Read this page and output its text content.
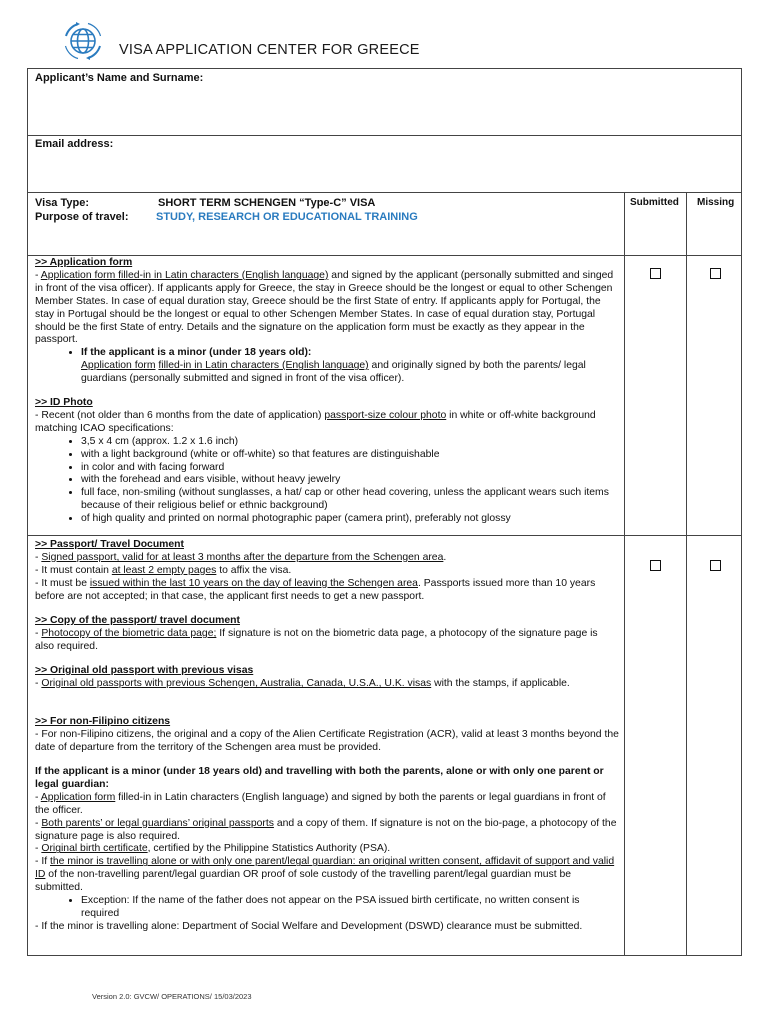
VISA APPLICATION CENTER FOR GREECE
Applicant’s Name and Surname:
Email address:
Visa Type:	SHORT TERM SCHENGEN “Type-C” VISA
Purpose of travel: STUDY, RESEARCH OR EDUCATIONAL TRAINING
Submitted Missing

>> Application form

- Application form filled-in in Latin characters (English language) and signed by the applicant (personally submitted and singed in front of the visa officer). If applicants apply for Greece, the stay in Greece should be the longest or equal to other Schengen Member States. In case of equal duration stay, Greece should be the first State of entry. If applicants apply for Portugal, the stay in Portugal should be the longest or equal to other Schengen Member States. In case of equal duration stay, Portugal should be the first State of entry. Details and the signature on the application form must be exactly as they appear in the passport.

• If the applicant is a minor (under 18 years old):

Application form filled-in in Latin characters (English language) and originally signed by both the parents/ legal guardians (personally submitted and signed in front of the visa officer).

>> ID Photo

- Recent (not older than 6 months from the date of application) passport-size colour photo in white or off-white background matching ICAO specifications:

• 3,5 x 4 cm (approx. 1.2 x 1.6 inch)
• with a light background (white or off-white) so that features are distinguishable
• in color and with facing forward
• with the forehead and ears visible, without heavy jewelry
• full face, non-smiling (without sunglasses, a hat/ cap or other head covering, unless the applicant wears such items because of their religious belief or ethnic background)
• of high quality and printed on normal photographic paper (camera print), preferably not glossy

>> Passport/ Travel Document

- Signed passport, valid for at least 3 months after the departure from the Schengen area.

- It must contain at least 2 empty pages to affix the visa.

- It must be issued within the last 10 years on the day of leaving the Schengen area. Passports issued more than 10 years before are not accepted; in that case, the applicant first needs to get a new passport.

>> Copy of the passport/ travel document

- Photocopy of the biometric data page; If signature is not on the biometric data page, a photocopy of the signature page is also required.

>> Original old passport with previous visas

- Original old passports with previous Schengen, Australia, Canada, U.S.A., U.K. visas with the stamps, if applicable.

>> For non-Filipino citizens

- For non-Filipino citizens, the original and a copy of the Alien Certificate Registration (ACR), valid at least 3 months beyond the date of departure from the territory of the Schengen area must be provided.

If the applicant is a minor (under 18 years old) and travelling with both the parents, alone or with only one parent or legal guardian:

- Application form filled-in in Latin characters (English language) and signed by both the parents or legal guardians in front of the officer.

- Both parents’ or legal guardians’ original passports and a copy of them. If signature is not on the bio-page, a photocopy of the signature page is also required.

- Original birth certificate, certified by the Philippine Statistics Authority (PSA).

- If the minor is travelling alone or with only one parent/legal guardian: an original written consent, affidavit of support and valid ID of the non-travelling parent/legal guardian OR proof of sole custody of the travelling parent/legal guardian must be submitted.

• Exception: If the name of the father does not appear on the PSA issued birth certificate, no written consent is required

- If the minor is travelling alone: Department of Social Welfare and Development (DSWD) clearance must be submitted.

Version 2.0: GVCW/ OPERATIONS/ 15/03/2023
